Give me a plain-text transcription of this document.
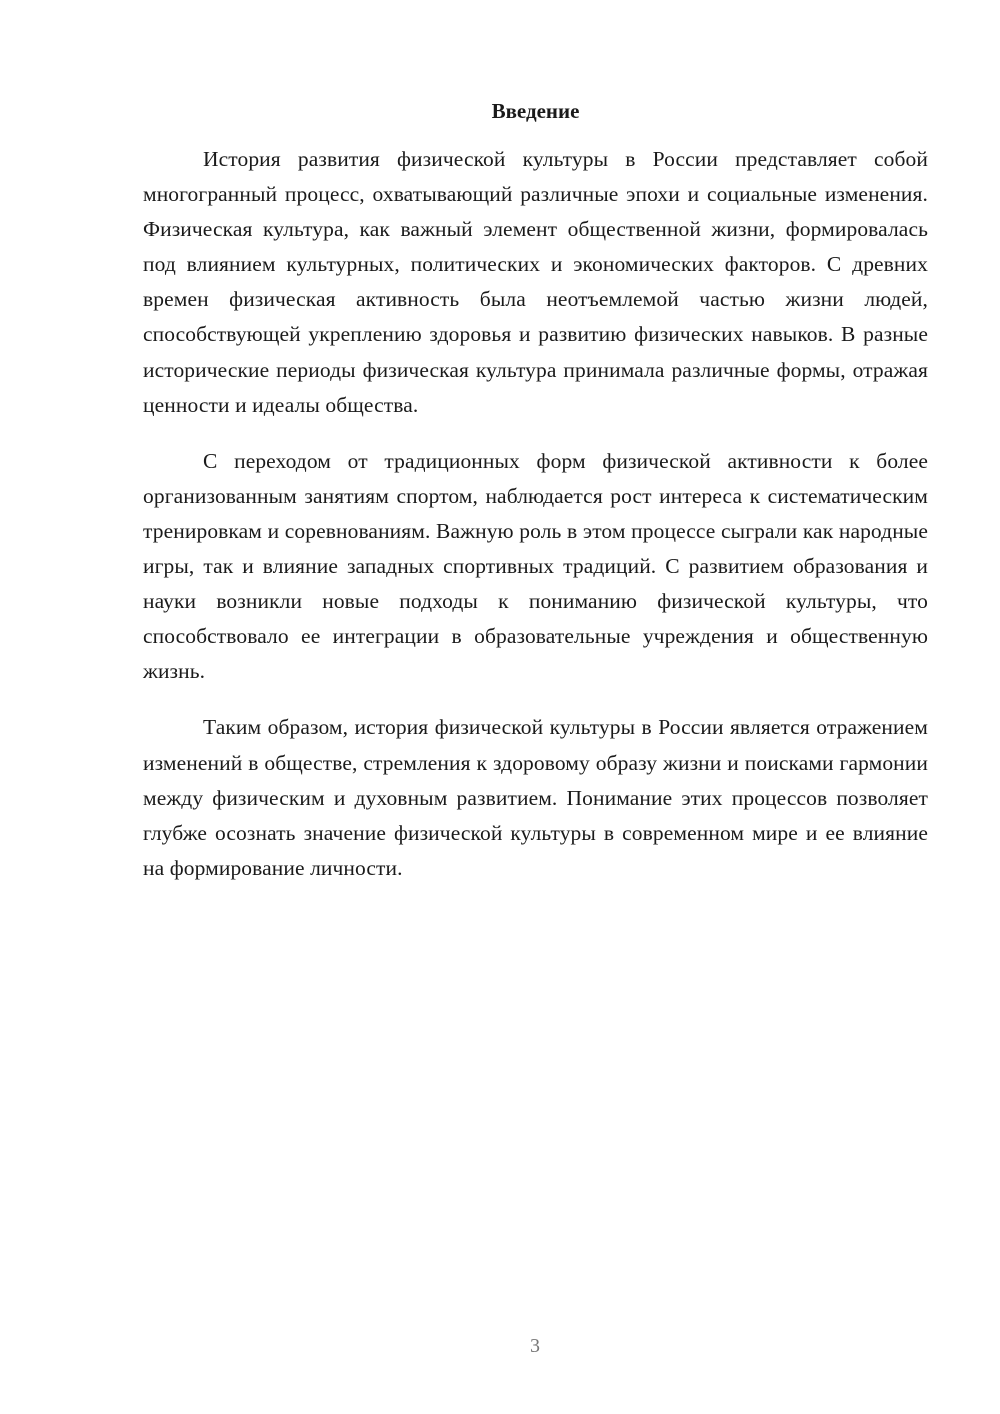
Введение

История развития физической культуры в России представляет собой многогранный процесс, охватывающий различные эпохи и социальные изменения. Физическая культура, как важный элемент общественной жизни, формировалась под влиянием культурных, политических и экономических факторов. С древних времен физическая активность была неотъемлемой частью жизни людей, способствующей укреплению здоровья и развитию физических навыков. В разные исторические периоды физическая культура принимала различные формы, отражая ценности и идеалы общества.

С переходом от традиционных форм физической активности к более организованным занятиям спортом, наблюдается рост интереса к систематическим тренировкам и соревнованиям. Важную роль в этом процессе сыграли как народные игры, так и влияние западных спортивных традиций. С развитием образования и науки возникли новые подходы к пониманию физической культуры, что способствовало ее интеграции в образовательные учреждения и общественную жизнь.

Таким образом, история физической культуры в России является отражением изменений в обществе, стремления к здоровому образу жизни и поисками гармонии между физическим и духовным развитием. Понимание этих процессов позволяет глубже осознать значение физической культуры в современном мире и ее влияние на формирование личности.

3
